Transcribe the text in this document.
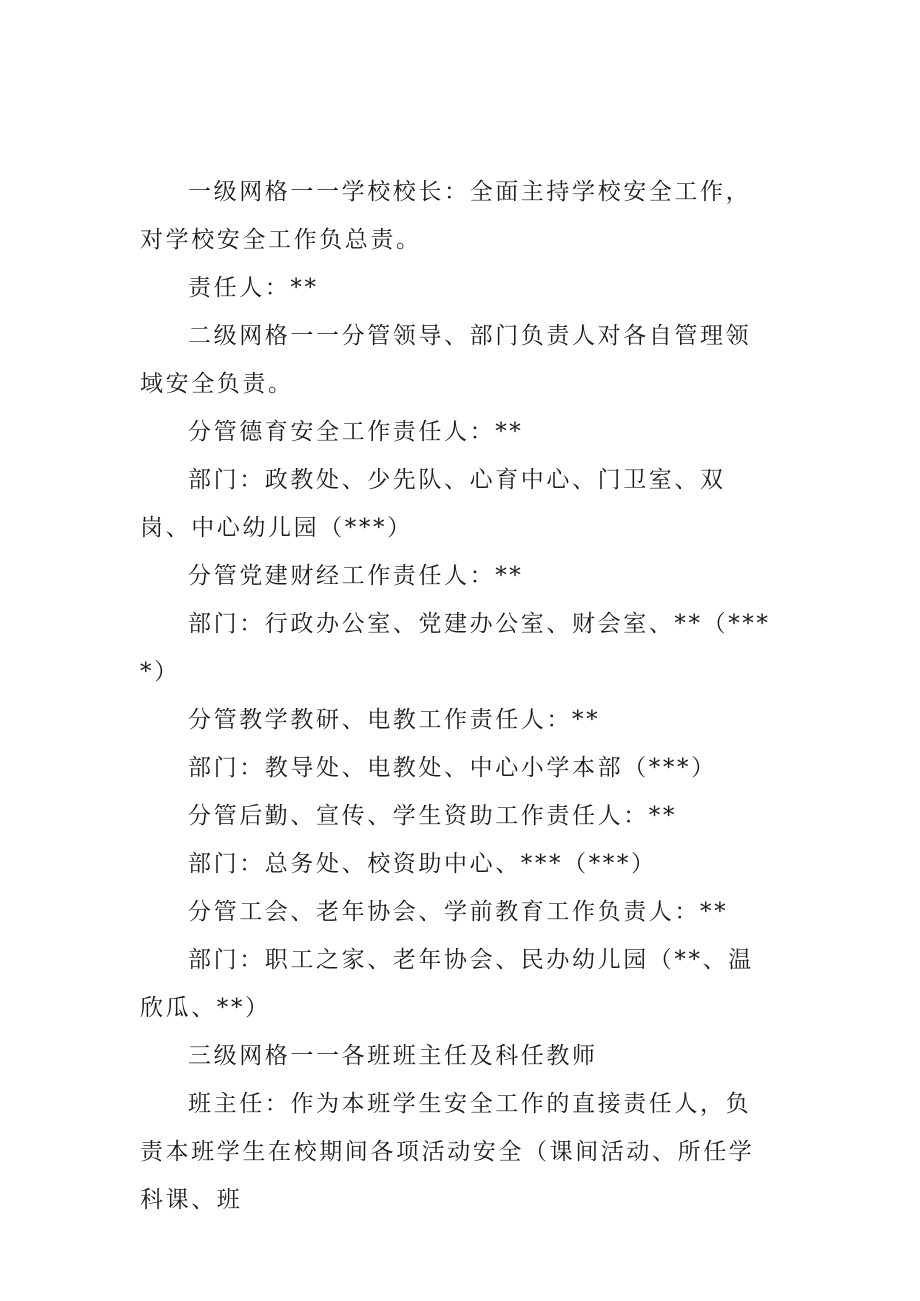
一级网格一一学校校长：全面主持学校安全工作，对学校安全工作负总责。

责任人：**

二级网格一一分管领导、部门负责人对各自管理领域安全负责。

分管德育安全工作责任人：**

部门：政教处、少先队、心育中心、门卫室、双岗、中心幼儿园（***）

分管党建财经工作责任人：**

部门：行政办公室、党建办公室、财会室、**（****）

分管教学教研、电教工作责任人：**

部门：教导处、电教处、中心小学本部（***）

分管后勤、宣传、学生资助工作责任人：**

部门：总务处、校资助中心、***（***）

分管工会、老年协会、学前教育工作负责人：**

部门：职工之家、老年协会、民办幼儿园（**、温欣瓜、**）

三级网格一一各班班主任及科任教师

班主任：作为本班学生安全工作的直接责任人，负责本班学生在校期间各项活动安全（课间活动、所任学科课、班
